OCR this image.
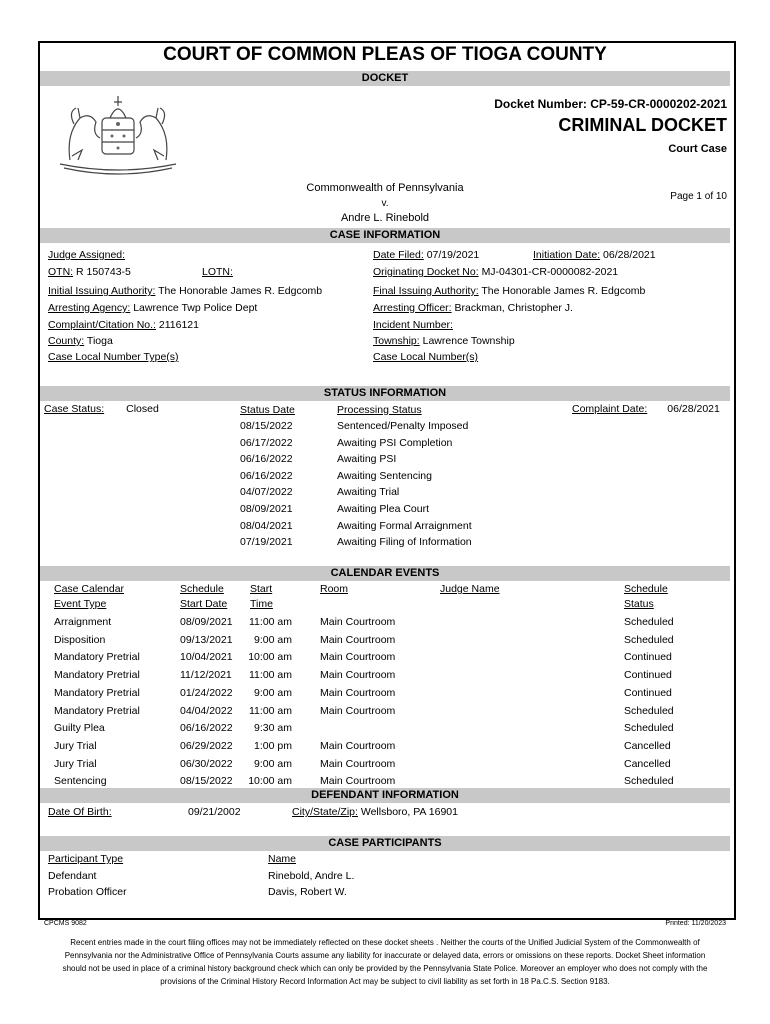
COURT OF COMMON PLEAS OF TIOGA COUNTY
DOCKET
Docket Number: CP-59-CR-0000202-2021
CRIMINAL DOCKET
Court Case
Commonwealth of Pennsylvania
v.
Andre L. Rinebold
Page 1 of 10
CASE INFORMATION
Judge Assigned:	Date Filed: 07/19/2021	Initiation Date: 06/28/2021
OTN: R 150743-5	LOTN:	Originating Docket No: MJ-04301-CR-0000082-2021
Initial Issuing Authority: The Honorable James R. Edgcomb	Final Issuing Authority: The Honorable James R. Edgcomb
Arresting Agency: Lawrence Twp Police Dept	Arresting Officer: Brackman, Christopher J.
Complaint/Citation No.: 2116121	Incident Number:
County: Tioga	Township: Lawrence Township
Case Local Number Type(s)	Case Local Number(s)
STATUS INFORMATION
Case Status: Closed	Status Date	Processing Status	Complaint Date: 06/28/2021
08/15/2022	Sentenced/Penalty Imposed
06/17/2022	Awaiting PSI Completion
06/16/2022	Awaiting PSI
06/16/2022	Awaiting Sentencing
04/07/2022	Awaiting Trial
08/09/2021	Awaiting Plea Court
08/04/2021	Awaiting Formal Arraignment
07/19/2021	Awaiting Filing of Information
CALENDAR EVENTS
Case Calendar
Event Type
Schedule
Start Date
Start
Time
Room	Judge Name	Schedule
Status
Arraignment	08/09/2021	11:00 am	Main Courtroom	Scheduled
Disposition	09/13/2021	9:00 am	Main Courtroom	Scheduled
Mandatory Pretrial	10/04/2021	10:00 am	Main Courtroom	Continued
Mandatory Pretrial	11/12/2021	11:00 am	Main Courtroom	Continued
Mandatory Pretrial	01/24/2022	9:00 am	Main Courtroom	Continued
Mandatory Pretrial	04/04/2022	11:00 am	Main Courtroom	Scheduled
Guilty Plea	06/16/2022	9:30 am	Scheduled
Jury Trial	06/29/2022	1:00 pm	Main Courtroom	Cancelled
Jury Trial	06/30/2022	9:00 am	Main Courtroom	Cancelled
Sentencing	08/15/2022	10:00 am	Main Courtroom	Scheduled
DEFENDANT INFORMATION
Date Of Birth:	09/21/2002	City/State/Zip: Wellsboro, PA 16901
CASE PARTICIPANTS
Participant Type	Name
Defendant	Rinebold, Andre L.
Probation Officer	Davis, Robert W.
CPCMS 9082	Printed: 11/20/2023
Recent entries made in the court filing offices may not be immediately reflected on these docket sheets . Neither the courts of the Unified Judicial System of the Commonwealth of Pennsylvania nor the Administrative Office of Pennsylvania Courts assume any liability for inaccurate or delayed data, errors or omissions on these reports. Docket Sheet information should not be used in place of a criminal history background check which can only be provided by the Pennsylvania State Police. Moreover an employer who does not comply with the provisions of the Criminal History Record Information Act may be subject to civil liability as set forth in 18 Pa.C.S. Section 9183.
